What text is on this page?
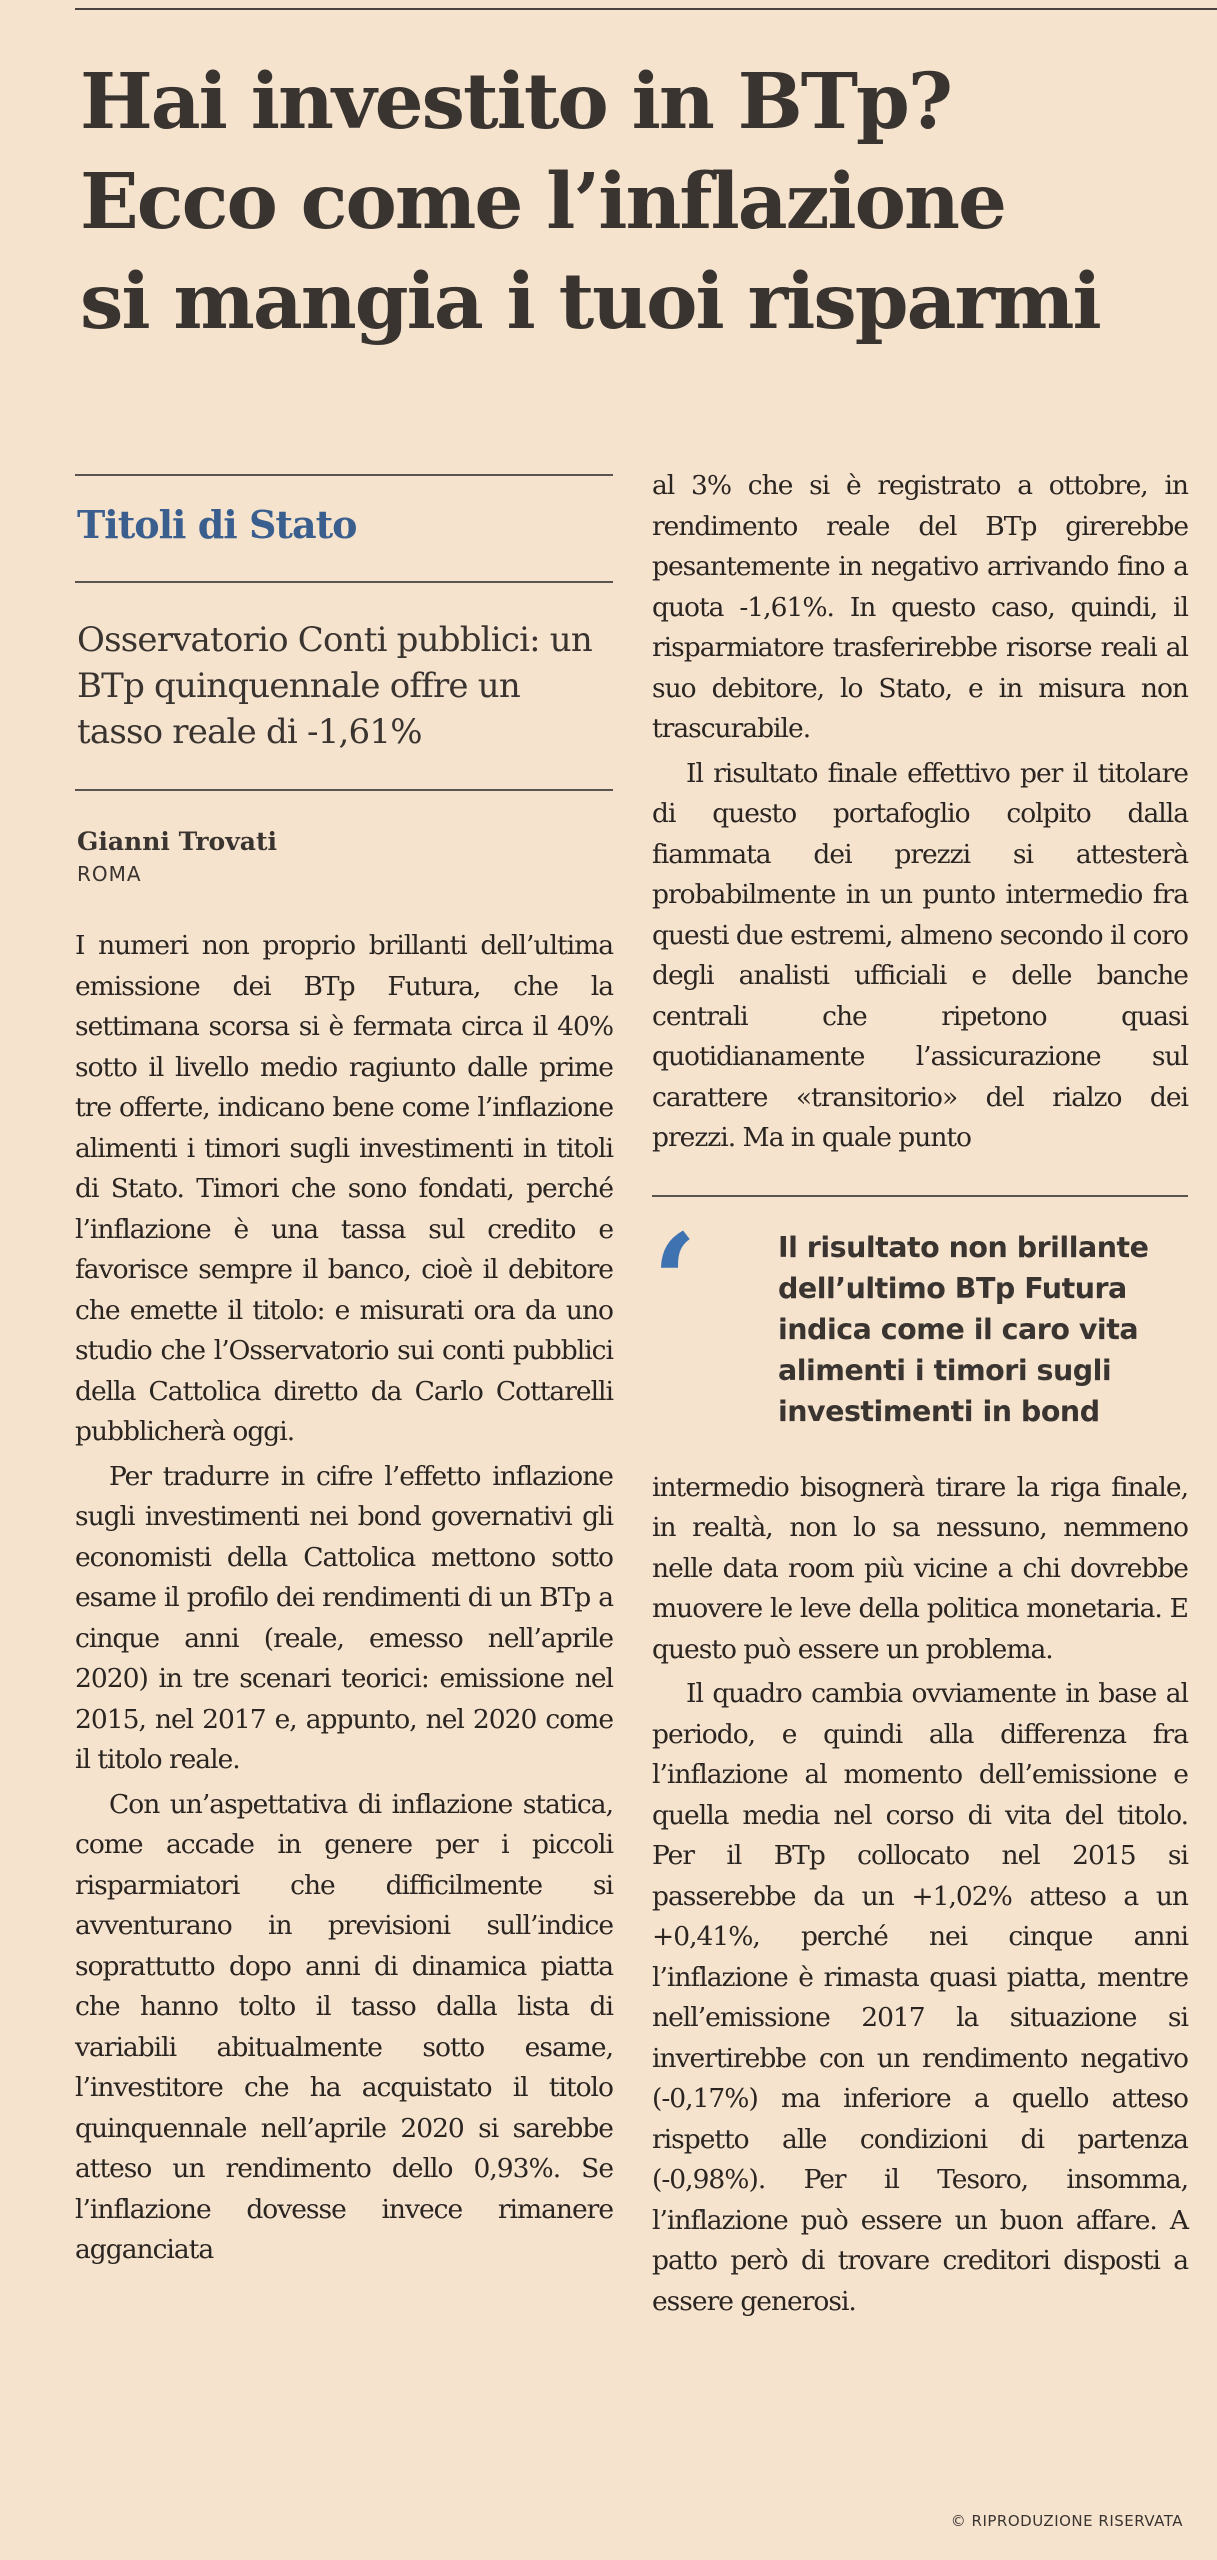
Hai investito in BTp?
Ecco come l’inflazione
si mangia i tuoi risparmi
Titoli di Stato
Osservatorio Conti pubblici: un BTp quinquennale offre un tasso reale di -1,61%
Gianni Trovati
ROMA

I numeri non proprio brillanti dell’ultima emissione dei BTp Futura, che la settimana scorsa si è fermata circa il 40% sotto il livello medio ragiunto dalle prime tre offerte, indicano bene come l’inflazione alimenti i timori sugli investimenti in titoli di Stato. Timori che sono fondati, perché l’inflazione è una tassa sul credito e favorisce sempre il banco, cioè il debitore che emette il titolo: e misurati ora da uno studio che l’Osservatorio sui conti pubblici della Cattolica diretto da Carlo Cottarelli pubblicherà oggi.

Per tradurre in cifre l’effetto inflazione sugli investimenti nei bond governativi gli economisti della Cattolica mettono sotto esame il profilo dei rendimenti di un BTp a cinque anni (reale, emesso nell’aprile 2020) in tre scenari teorici: emissione nel 2015, nel 2017 e, appunto, nel 2020 come il titolo reale.

Con un’aspettativa di inflazione statica, come accade in genere per i piccoli risparmiatori che difficilmente si avventurano in previsioni sull’indice soprattutto dopo anni di dinamica piatta che hanno tolto il tasso dalla lista di variabili abitualmente sotto esame, l’investitore che ha acquistato il titolo quinquennale nell’aprile 2020 si sarebbe atteso un rendimento dello 0,93%. Se l’inflazione dovesse invece rimanere agganciata

al 3% che si è registrato a ottobre, in rendimento reale del BTp girerebbe pesantemente in negativo arrivando fino a quota -1,61%. In questo caso, quindi, il risparmiatore trasferirebbe risorse reali al suo debitore, lo Stato, e in misura non trascurabile.

Il risultato finale effettivo per il titolare di questo portafoglio colpito dalla fiammata dei prezzi si attesterà probabilmente in un punto intermedio fra questi due estremi, almeno secondo il coro degli analisti ufficiali e delle banche centrali che ripetono quasi quotidianamente l’assicurazione sul carattere «transitorio» del rialzo dei prezzi. Ma in quale punto

‘	Il risultato non brillante dell’ultimo BTp Futura indica come il caro vita alimenti i timori sugli investimenti in bond

intermedio bisognerà tirare la riga finale, in realtà, non lo sa nessuno, nemmeno nelle data room più vicine a chi dovrebbe muovere le leve della politica monetaria. E questo può essere un problema.

Il quadro cambia ovviamente in base al periodo, e quindi alla differenza fra l’inflazione al momento dell’emissione e quella media nel corso di vita del titolo. Per il BTp collocato nel 2015 si passerebbe da un +1,02% atteso a un +0,41%, perché nei cinque anni l’inflazione è rimasta quasi piatta, mentre nell’emissione 2017 la situazione si invertirebbe con un rendimento negativo (-0,17%) ma inferiore a quello atteso rispetto alle condizioni di partenza (-0,98%). Per il Tesoro, insomma, l’inflazione può essere un buon affare. A patto però di trovare creditori disposti a essere generosi.

© RIPRODUZIONE RISERVATA
